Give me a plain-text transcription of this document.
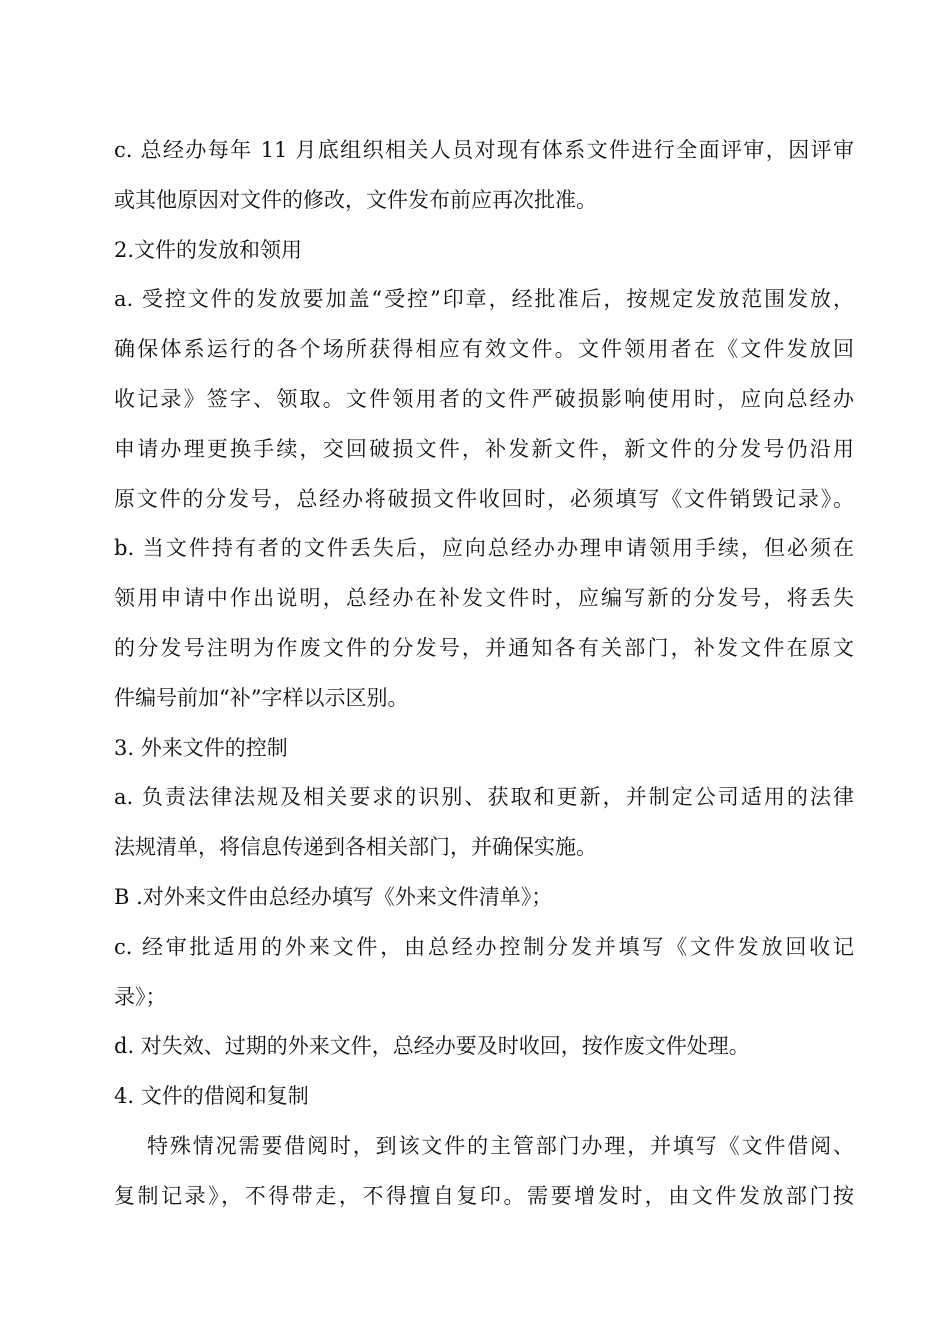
c. 总经办每年 11 月底组织相关人员对现有体系文件进行全面评审，因评审
或其他原因对文件的修改，文件发布前应再次批准。
2.文件的发放和领用
a. 受控文件的发放要加盖“受控”印章，经批准后，按规定发放范围发放，
确保体系运行的各个场所获得相应有效文件。文件领用者在《文件发放回
收记录》签字、领取。文件领用者的文件严破损影响使用时，应向总经办
申请办理更换手续，交回破损文件，补发新文件，新文件的分发号仍沿用
原文件的分发号，总经办将破损文件收回时，必须填写《文件销毁记录》。
b. 当文件持有者的文件丢失后，应向总经办办理申请领用手续，但必须在
领用申请中作出说明，总经办在补发文件时，应编写新的分发号，将丢失
的分发号注明为作废文件的分发号，并通知各有关部门，补发文件在原文
件编号前加“补”字样以示区别。
3. 外来文件的控制
a. 负责法律法规及相关要求的识别、获取和更新，并制定公司适用的法律
法规清单，将信息传递到各相关部门，并确保实施。
B .对外来文件由总经办填写《外来文件清单》；
c. 经审批适用的外来文件，由总经办控制分发并填写《文件发放回收记
录》；
d. 对失效、过期的外来文件，总经办要及时收回，按作废文件处理。
4. 文件的借阅和复制
特殊情况需要借阅时，到该文件的主管部门办理，并填写《文件借阅、
复制记录》，不得带走，不得擅自复印。需要增发时，由文件发放部门按
